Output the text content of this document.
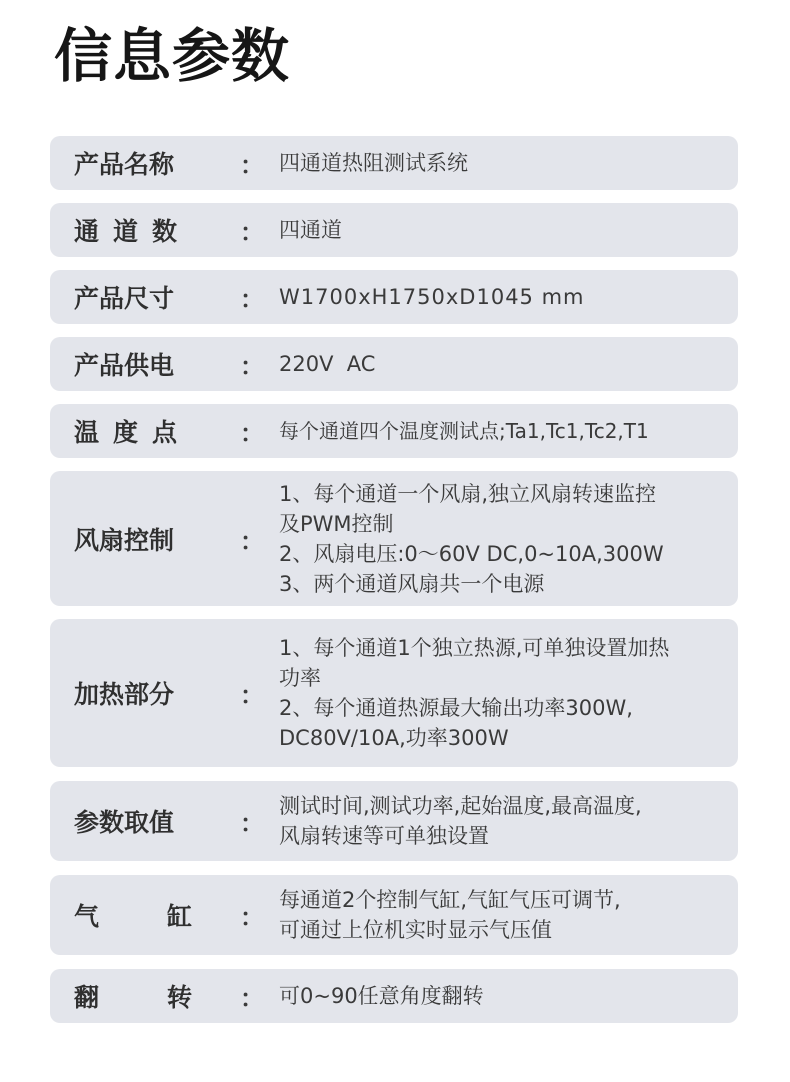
信息参数
产品名称	： 四通道热阻测试系统
通道数 ： 四通道
产品尺寸	： W1700xH1750xD1045 mm
产品供电	： 220V  AC
温度点 ： 每个通道四个温度测试点;Ta1,Tc1,Tc2,T1
风扇控制	：
1、每个通道一个风扇,独立风扇转速监控
及PWM控制
2、风扇电压:0～60V DC,0~10A,300W
3、两个通道风扇共一个电源
加热部分	：
1、每个通道1个独立热源,可单独设置加热
功率
2、每个通道热源最大输出功率300W,
DC80V/10A,功率300W
参数取值	：
测试时间,测试功率,起始温度,最高温度,
风扇转速等可单独设置
气	缸 ：
每通道2个控制气缸,气缸气压可调节,
可通过上位机实时显示气压值
翻	转 ： 可0~90任意角度翻转
